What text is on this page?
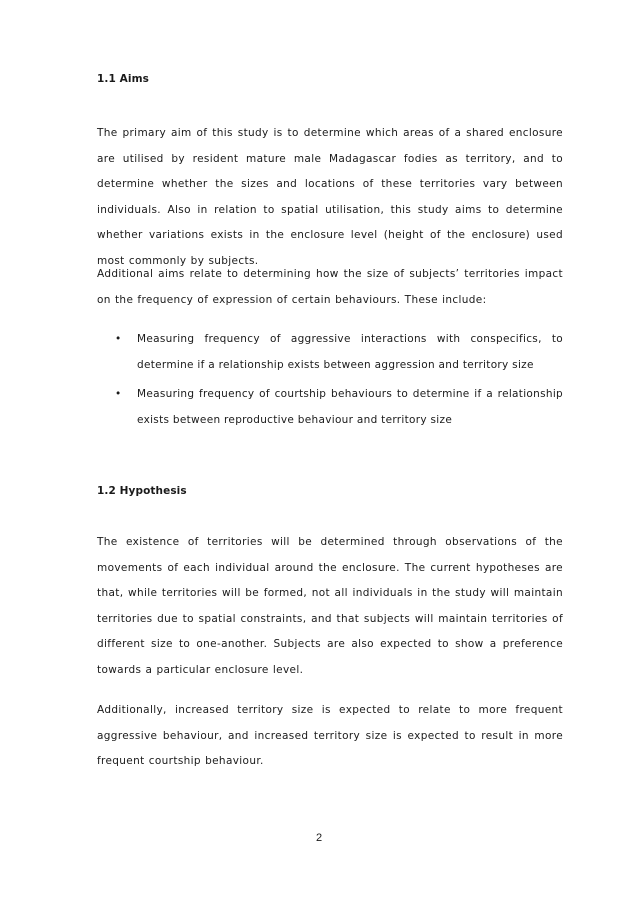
1.1 Aims

The primary aim of this study is to determine which areas of a shared enclosure are utilised by resident mature male Madagascar fodies as territory, and to determine whether the sizes and locations of these territories vary between individuals. Also in relation to spatial utilisation, this study aims to determine whether variations exists in the enclosure level (height of the enclosure) used most commonly by subjects.

Additional aims relate to determining how the size of subjects’ territories impact on the frequency of expression of certain behaviours. These include:

• Measuring frequency of aggressive interactions with conspecifics, to determine if a relationship exists between aggression and territory size
• Measuring frequency of courtship behaviours to determine if a relationship exists between reproductive behaviour and territory size
1.2 Hypothesis

The existence of territories will be determined through observations of the movements of each individual around the enclosure. The current hypotheses are that, while territories will be formed, not all individuals in the study will maintain territories due to spatial constraints, and that subjects will maintain territories of different size to one-another. Subjects are also expected to show a preference towards a particular enclosure level.

Additionally, increased territory size is expected to relate to more frequent aggressive behaviour, and increased territory size is expected to result in more frequent courtship behaviour.

2
